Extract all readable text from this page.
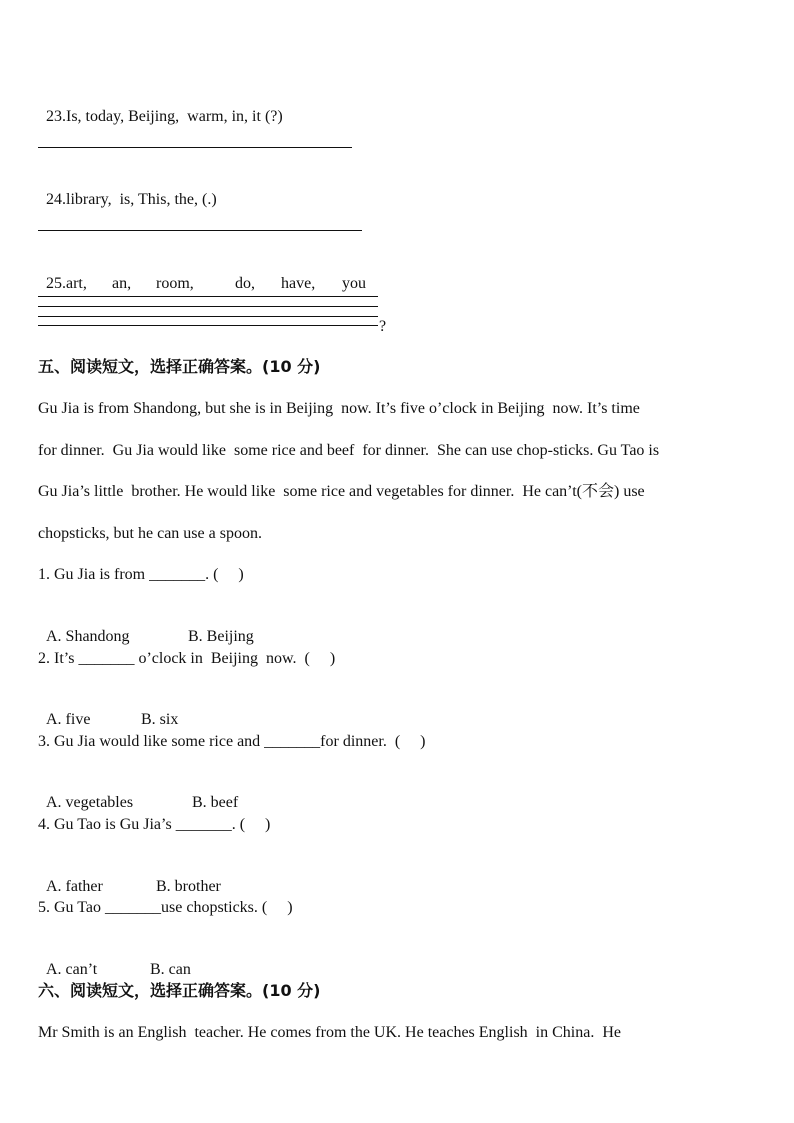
23.Is, today, Beijing,  warm, in, it (?)

24.library,  is, This, the, (.)

25.art, an, room,	do, have, you

?
五、阅读短文，选择正确答案。(10 分)
Gu Jia is from Shandong, but she is in Beijing  now. It’s five o’clock in Beijing  now. It’s time
for dinner.  Gu Jia would like  some rice and beef  for dinner.  She can use chop-sticks. Gu Tao is
Gu Jia’s little  brother. He would like  some rice and vegetables for dinner.  He can’t(不会) use
chopsticks, but he can use a spoon.
1. Gu Jia is from _______. (     )

A. Shandong	B. Beijing

2. It’s _______ o’clock in  Beijing  now.  (     )

A. five	B. six

3. Gu Jia would like some rice and _______for dinner.  (     )

A. vegetables	B. beef

4. Gu Tao is Gu Jia’s _______. (     )

A. father	B. brother

5. Gu Tao _______use chopsticks. (     )

A. can’t	B. can

六、阅读短文，选择正确答案。(10 分)
Mr Smith is an English  teacher. He comes from the UK. He teaches English  in China.  He
